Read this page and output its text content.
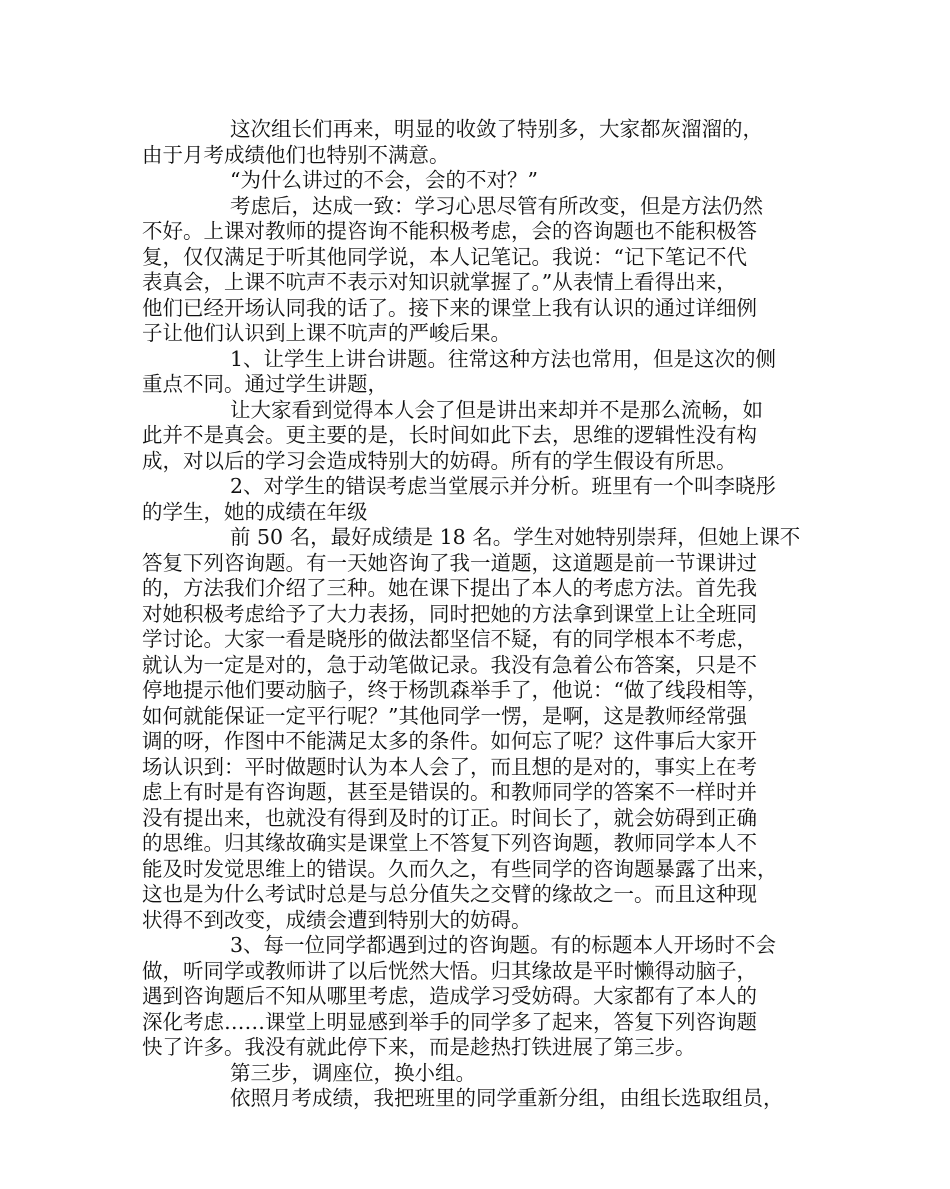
这次组长们再来，明显的收敛了特别多，大家都灰溜溜的，
由于月考成绩他们也特别不满意。
“为什么讲过的不会，会的不对？”
考虑后，达成一致：学习心思尽管有所改变，但是方法仍然
不好。上课对教师的提咨询不能积极考虑，会的咨询题也不能积极答
复，仅仅满足于听其他同学说，本人记笔记。我说：“记下笔记不代
表真会，上课不吭声不表示对知识就掌握了。”从表情上看得出来，
他们已经开场认同我的话了。接下来的课堂上我有认识的通过详细例
子让他们认识到上课不吭声的严峻后果。
1、让学生上讲台讲题。往常这种方法也常用，但是这次的侧
重点不同。通过学生讲题，
让大家看到觉得本人会了但是讲出来却并不是那么流畅，如
此并不是真会。更主要的是，长时间如此下去，思维的逻辑性没有构
成，对以后的学习会造成特别大的妨碍。所有的学生假设有所思。
2、对学生的错误考虑当堂展示并分析。班里有一个叫李晓彤
的学生，她的成绩在年级
前 50 名，最好成绩是 18 名。学生对她特别崇拜，但她上课不
答复下列咨询题。有一天她咨询了我一道题，这道题是前一节课讲过
的，方法我们介绍了三种。她在课下提出了本人的考虑方法。首先我
对她积极考虑给予了大力表扬，同时把她的方法拿到课堂上让全班同
学讨论。大家一看是晓彤的做法都坚信不疑，有的同学根本不考虑，
就认为一定是对的，急于动笔做记录。我没有急着公布答案，只是不
停地提示他们要动脑子，终于杨凯森举手了，他说：“做了线段相等，
如何就能保证一定平行呢？”其他同学一愣，是啊，这是教师经常强
调的呀，作图中不能满足太多的条件。如何忘了呢？这件事后大家开
场认识到：平时做题时认为本人会了，而且想的是对的，事实上在考
虑上有时是有咨询题，甚至是错误的。和教师同学的答案不一样时并
没有提出来，也就没有得到及时的订正。时间长了，就会妨碍到正确
的思维。归其缘故确实是课堂上不答复下列咨询题，教师同学本人不
能及时发觉思维上的错误。久而久之，有些同学的咨询题暴露了出来，
这也是为什么考试时总是与总分值失之交臂的缘故之一。而且这种现
状得不到改变，成绩会遭到特别大的妨碍。
3、每一位同学都遇到过的咨询题。有的标题本人开场时不会
做，听同学或教师讲了以后恍然大悟。归其缘故是平时懒得动脑子，
遇到咨询题后不知从哪里考虑，造成学习受妨碍。大家都有了本人的
深化考虑……课堂上明显感到举手的同学多了起来，答复下列咨询题
快了许多。我没有就此停下来，而是趁热打铁进展了第三步。
第三步，调座位，换小组。
依照月考成绩，我把班里的同学重新分组，由组长选取组员，
